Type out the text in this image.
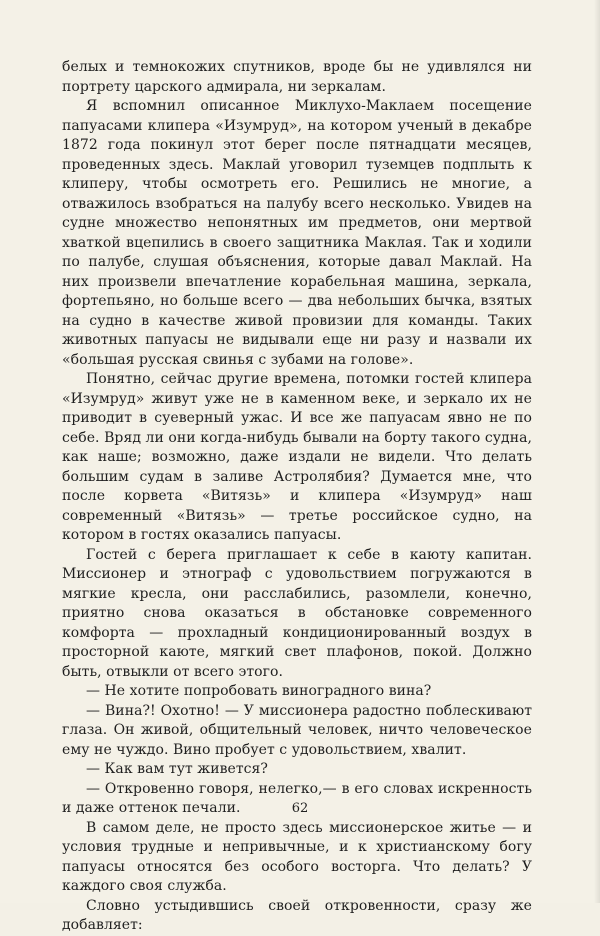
белых и темнокожих спутников, вроде бы не удивлялся ни портрету царского адмирала, ни зеркалам.

Я вспомнил описанное Миклухо-Маклаем посещение папуасами клипера «Изумруд», на котором ученый в декабре 1872 года покинул этот берег после пятнадцати месяцев, проведенных здесь. Маклай уговорил туземцев подплыть к клиперу, чтобы осмотреть его. Решились не многие, а отважилось взобраться на палубу всего несколько. Увидев на судне множество непонятных им предметов, они мертвой хваткой вцепились в своего защитника Маклая. Так и ходили по палубе, слушая объяснения, которые давал Маклай. На них произвели впечатление корабельная машина, зеркала, фортепьяно, но больше всего — два небольших бычка, взятых на судно в качестве живой провизии для команды. Таких животных папуасы не видывали еще ни разу и назвали их «большая русская свинья с зубами на голове».

Понятно, сейчас другие времена, потомки гостей клипера «Изумруд» живут уже не в каменном веке, и зеркало их не приводит в суеверный ужас. И все же папуасам явно не по себе. Вряд ли они когда-нибудь бывали на борту такого судна, как наше; возможно, даже издали не видели. Что делать большим судам в заливе Астролябия? Думается мне, что после корвета «Витязь» и клипера «Изумруд» наш современный «Витязь» — третье российское судно, на котором в гостях оказались папуасы.

Гостей с берега приглашает к себе в каюту капитан. Миссионер и этнограф с удовольствием погружаются в мягкие кресла, они расслабились, разомлели, конечно, приятно снова оказаться в обстановке современного комфорта — прохладный кондиционированный воздух в просторной каюте, мягкий свет плафонов, покой. Должно быть, отвыкли от всего этого.

— Не хотите попробовать виноградного вина?

— Вина?! Охотно! — У миссионера радостно поблескивают глаза. Он живой, общительный человек, ничто человеческое ему не чуждо. Вино пробует с удовольствием, хвалит.

— Как вам тут живется?

— Откровенно говоря, нелегко,— в его словах искренность и даже оттенок печали.

В самом деле, не просто здесь миссионерское житье — и условия трудные и непривычные, и к христианскому богу папуасы относятся без особого восторга. Что делать? У каждого своя служба.

Словно устыдившись своей откровенности, сразу же добавляет:

62
